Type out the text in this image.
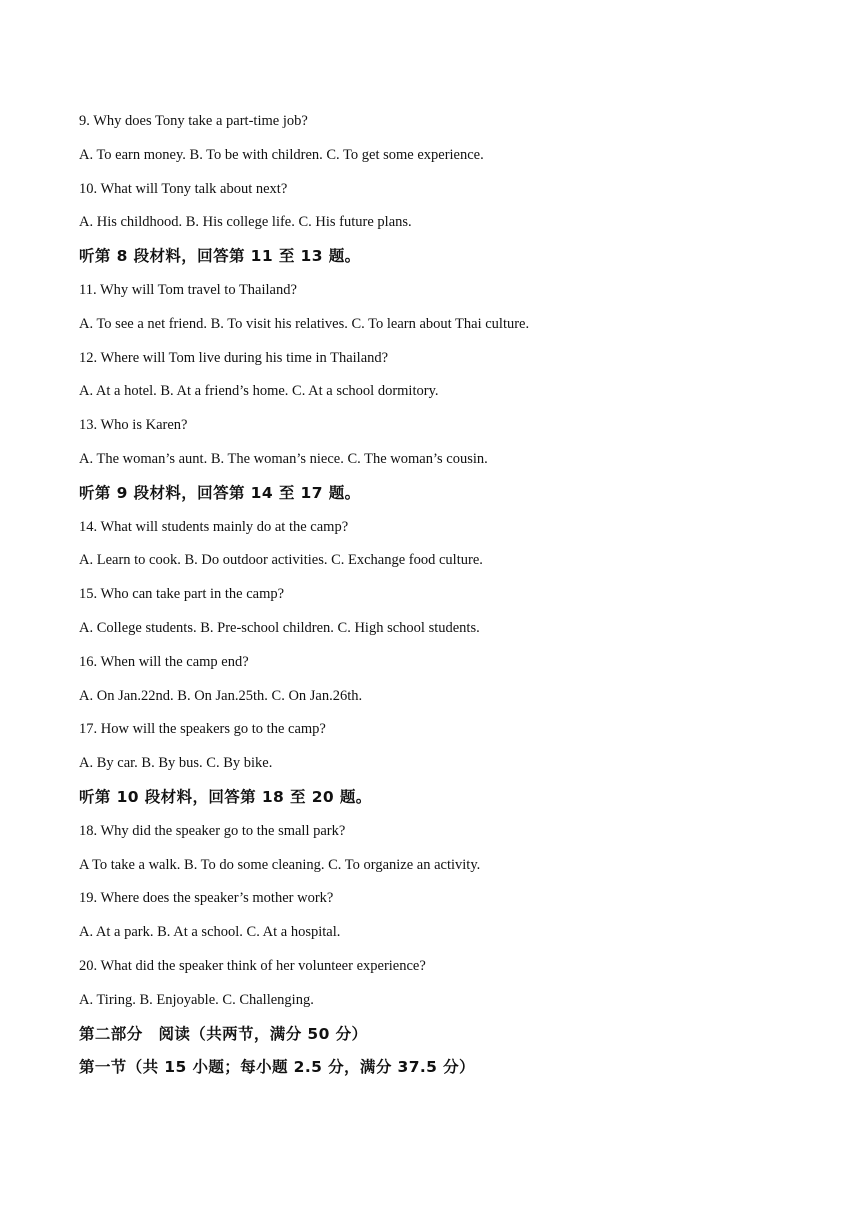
9. Why does Tony take a part-time job?
A. To earn money. B. To be with children. C. To get some experience.
10. What will Tony talk about next?
A. His childhood. B. His college life. C. His future plans.
听第 8 段材料，回答第 11 至 13 题。
11. Why will Tom travel to Thailand?
A. To see a net friend. B. To visit his relatives. C. To learn about Thai culture.
12. Where will Tom live during his time in Thailand?
A. At a hotel. B. At a friend’s home. C. At a school dormitory.
13. Who is Karen?
A. The woman’s aunt. B. The woman’s niece. C. The woman’s cousin.
听第 9 段材料，回答第 14 至 17 题。
14. What will students mainly do at the camp?
A. Learn to cook. B. Do outdoor activities. C. Exchange food culture.
15. Who can take part in the camp?
A. College students. B. Pre-school children. C. High school students.
16. When will the camp end?
A. On Jan.22nd. B. On Jan.25th. C. On Jan.26th.
17. How will the speakers go to the camp?
A. By car. B. By bus. C. By bike.
听第 10 段材料，回答第 18 至 20 题。
18. Why did the speaker go to the small park?
A To take a walk. B. To do some cleaning. C. To organize an activity.
19. Where does the speaker’s mother work?
A. At a park. B. At a school. C. At a hospital.
20. What did the speaker think of her volunteer experience?
A. Tiring. B. Enjoyable. C. Challenging.
第二部分　阅读（共两节，满分 50 分）
第一节（共 15 小题；每小题 2.5 分，满分 37.5 分）
